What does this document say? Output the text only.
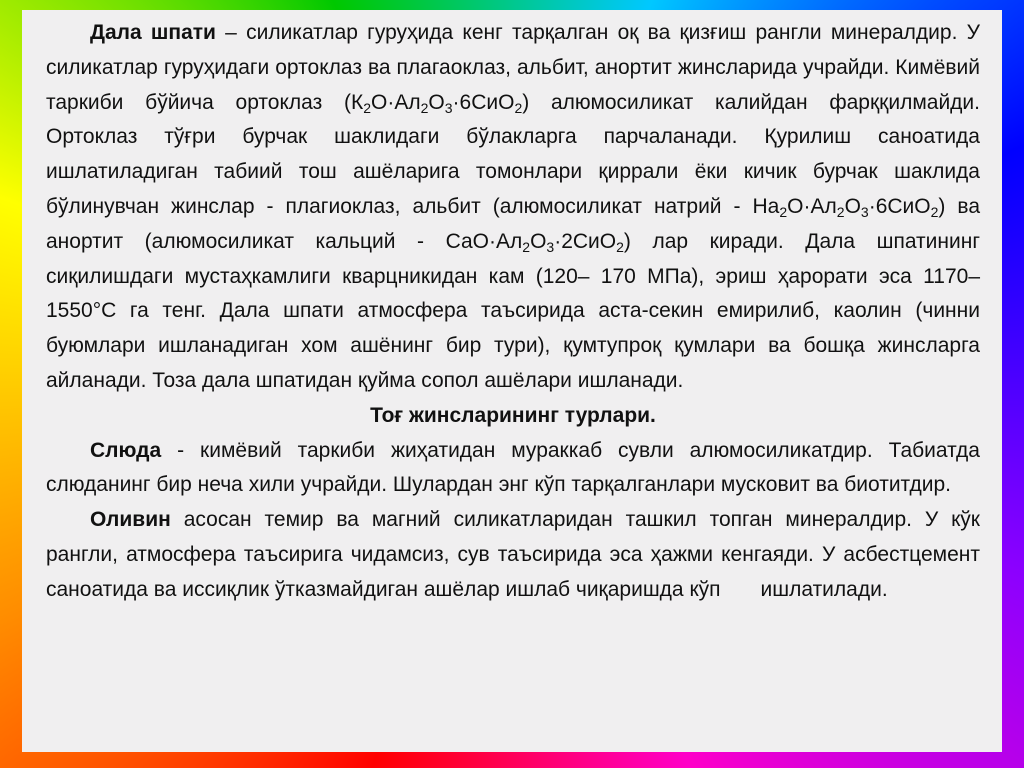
Дала шпати – силикатлар гуруҳида кенг тарқалган оқ ва қизғиш рангли минералдир. У силикатлар гуруҳидаги ортоклаз ва плагаоклаз, альбит, анортит жинсларида учрайди. Кимёвий таркиби бўйича ортоклаз $(К_2О\cdot Ал_2О_3\cdot 6СиО_2)$ алюмосиликат калийдан фарққилмайди. Ортоклаз тўғри бурчак шаклидаги бўлакларга парчаланади. Қурилиш саноатида ишлатиладиган табиий тош ашёларига томонлари қиррали ёки кичик бурчак шаклида бўлинувчан жинслар - плагиоклаз, альбит (алюмосиликат натрий - $На_2О\cdot Ал_2О_3\cdot 6СиО_2$) ва анортит (алюмосиликат кальций - $СаО\cdot Ал_2О_3\cdot 2СиО_2$) лар киради. Дала шпатининг сиқилишдаги мустаҳкамлиги кварцникидан кам (120– 170 МПа), эриш ҳарорати эса 1170–1550°С га тенг. Дала шпати атмосфера таъсирида аста-секин емирилиб, каолин (чинни буюмлари ишланадиган хом ашёнинг бир тури), қумтупроқ қумлари ва бошқа жинсларга айланади. Тоза дала шпатидан қуйма сопол ашёлари ишланади.

Тоғ жинсларининг турлари.

Слюда - кимёвий таркиби жиҳатидан мураккаб сувли алюмосиликатдир. Табиатда слюданинг бир неча хили учрайди. Шулардан энг кўп тарқалганлари мусковит ва биотитдир.

Оливин асосан темир ва магний силикатларидан ташкил топган минералдир. У кўк рангли, атмосфера таъсирига чидамсиз, сув таъсирида эса ҳажми кенгаяди. У асбестцемент саноатида ва иссиқлик ўтказмайдиган ашёлар ишлаб чиқаришда кўп ишлатилади.
